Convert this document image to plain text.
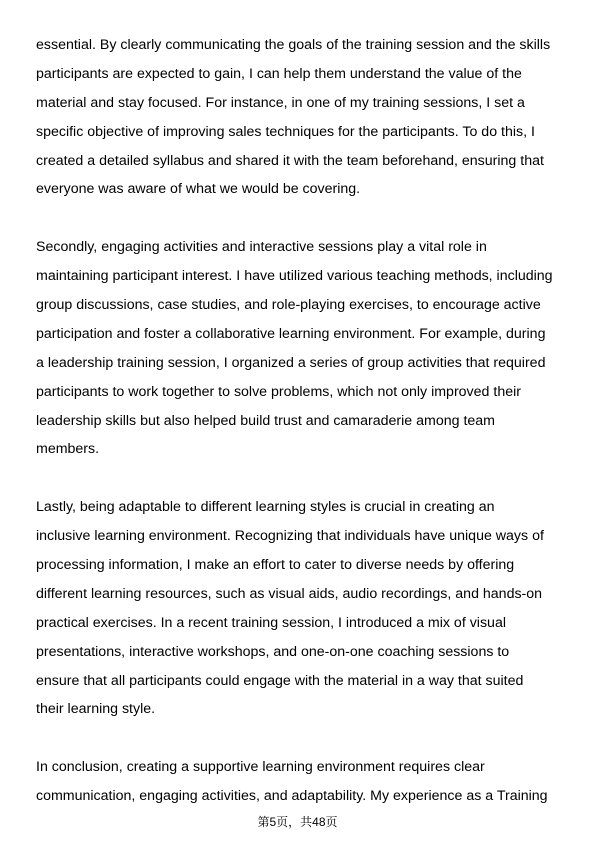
essential. By clearly communicating the goals of the training session and the skills
participants are expected to gain, I can help them understand the value of the
material and stay focused. For instance, in one of my training sessions, I set a
specific objective of improving sales techniques for the participants. To do this, I
created a detailed syllabus and shared it with the team beforehand, ensuring that
everyone was aware of what we would be covering.
Secondly, engaging activities and interactive sessions play a vital role in
maintaining participant interest. I have utilized various teaching methods, including
group discussions, case studies, and role-playing exercises, to encourage active
participation and foster a collaborative learning environment. For example, during
a leadership training session, I organized a series of group activities that required
participants to work together to solve problems, which not only improved their
leadership skills but also helped build trust and camaraderie among team
members.
Lastly, being adaptable to different learning styles is crucial in creating an
inclusive learning environment. Recognizing that individuals have unique ways of
processing information, I make an effort to cater to diverse needs by offering
different learning resources, such as visual aids, audio recordings, and hands-on
practical exercises. In a recent training session, I introduced a mix of visual
presentations, interactive workshops, and one-on-one coaching sessions to
ensure that all participants could engage with the material in a way that suited
their learning style.
In conclusion, creating a supportive learning environment requires clear
communication, engaging activities, and adaptability. My experience as a Training
第5页，共48页
